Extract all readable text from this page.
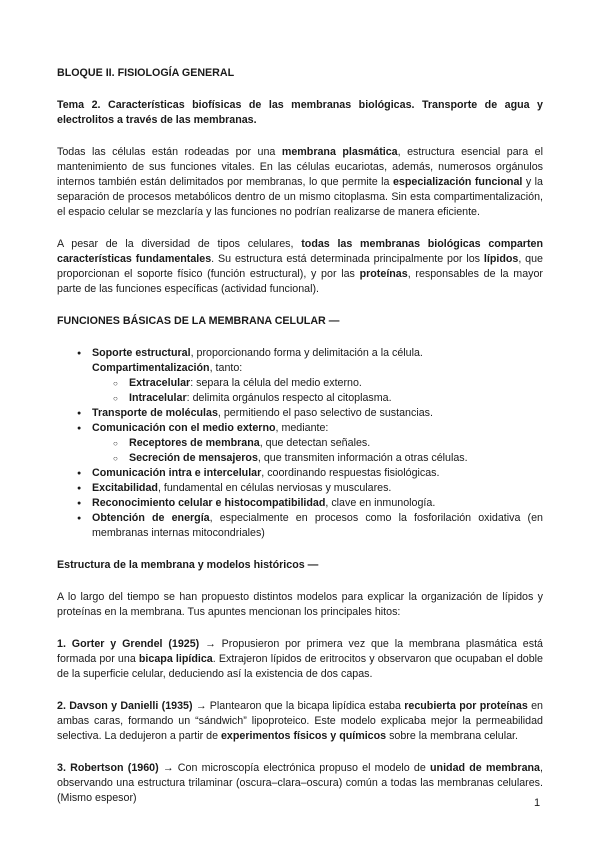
BLOQUE II. FISIOLOGÍA GENERAL
Tema 2. Características biofísicas de las membranas biológicas. Transporte de agua y electrolitos a través de las membranas.

Todas las células están rodeadas por una membrana plasmática, estructura esencial para el mantenimiento de sus funciones vitales. En las células eucariotas, además, numerosos orgánulos internos también están delimitados por membranas, lo que permite la especialización funcional y la separación de procesos metabólicos dentro de un mismo citoplasma. Sin esta compartimentalización, el espacio celular se mezclaría y las funciones no podrían realizarse de manera eficiente.

A pesar de la diversidad de tipos celulares, todas las membranas biológicas comparten características fundamentales. Su estructura está determinada principalmente por los lípidos, que proporcionan el soporte físico (función estructural), y por las proteínas, responsables de la mayor parte de las funciones específicas (actividad funcional).

FUNCIONES BÁSICAS DE LA MEMBRANA CELULAR —
● Soporte estructural, proporcionando forma y delimitación a la célula.
Compartimentalización, tanto:
○ Extracelular: separa la célula del medio externo.
○ Intracelular: delimita orgánulos respecto al citoplasma.
● Transporte de moléculas, permitiendo el paso selectivo de sustancias.
● Comunicación con el medio externo, mediante:
○ Receptores de membrana, que detectan señales.
○ Secreción de mensajeros, que transmiten información a otras células.
● Comunicación intra e intercelular, coordinando respuestas fisiológicas.
● Excitabilidad, fundamental en células nerviosas y musculares.
● Reconocimiento celular e histocompatibilidad, clave en inmunología.
● Obtención de energía, especialmente en procesos como la fosforilación oxidativa (en membranas internas mitocondriales)
Estructura de la membrana y modelos históricos —

A lo largo del tiempo se han propuesto distintos modelos para explicar la organización de lípidos y proteínas en la membrana. Tus apuntes mencionan los principales hitos:

1. Gorter y Grendel (1925) → Propusieron por primera vez que la membrana plasmática está formada por una bicapa lipídica. Extrajeron lípidos de eritrocitos y observaron que ocupaban el doble de la superficie celular, deduciendo así la existencia de dos capas.

2. Davson y Danielli (1935) → Plantearon que la bicapa lipídica estaba recubierta por proteínas en ambas caras, formando un “sándwich” lipoproteico. Este modelo explicaba mejor la permeabilidad selectiva. La dedujeron a partir de experimentos físicos y químicos sobre la membrana celular.

3. Robertson (1960) → Con microscopía electrónica propuso el modelo de unidad de membrana, observando una estructura trilaminar (oscura–clara–oscura) común a todas las membranas celulares. (Mismo espesor)	1
